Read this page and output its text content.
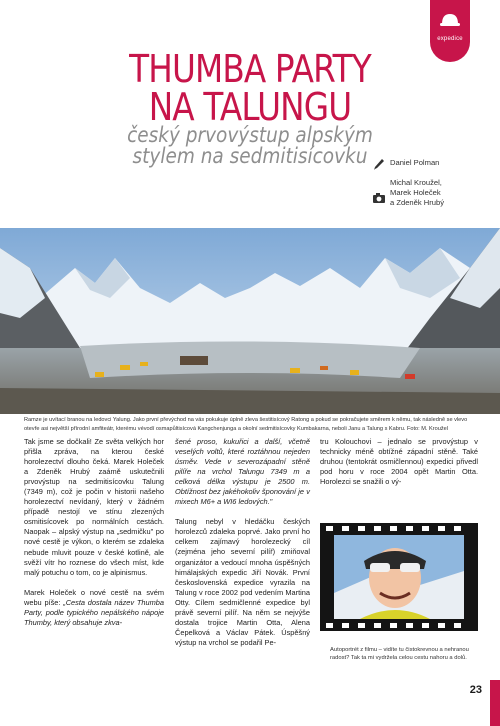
expedice
THUMBA PARTY
NA TALUNGU
český prvovýstup alpským
stylem na sedmitisícovku	Daniel Polman
Michal Kroužel,
Marek Holeček
a Zdeněk Hrubý

Ramze je uvítací branou na ledovci Yalung. Jako první převýchod na vás pokukuje úplně zleva šestitisícový Ratong a pokud se pokračujete směrem k němu, tak následně se vlevo otevře asi největší přírodní amfiteátr, kterému vévodí osmapůltisícová Kangchenjunga a okolní sedmitisícovky Kumbakarna, neboli Janu a Talung s Kabru. Foto: M. Kroužel

Tak jsme se dočkali! Ze světa velkých hor přišla zpráva, na kterou české horolezectví dlouho čeká. Marek Holeček a Zdeněk Hrubý zaámě uskutečnili prvovýstup na sedmitisícovku Talung (7349 m), což je počin v historii našeho horolezectví nevídaný, který v žádném případě nestojí ve stínu zlezených osmitisícovek po normálních cestách. Naopak – alpský výstup na „sedmičku" po nové cestě je výkon, o kterém se zdaleka nebude mluvit pouze v české kotlině, ale svěží vítr ho roznese do všech míst, kde malý potuchu o tom, co je alpinismus.

Marek Holeček o nové cestě na svém webu píše: „Cesta dostala název Thumba Party, podle typického nepálského nápoje Thumby, který obsahuje zkva-

šené proso, kukuřici a další, včetně veselých voltů, které roztáhnou nejeden úsměv. Vede v severozápadní stěně pilíře na vrchol Talungu 7349 m a celková délka výstupu je 2500 m. Obtížnost bez jakéhokoliv šponování je v mixech M6+ a WI6 ledových."

Talung nebyl v hledáčku českých horolezců zdaleka poprvé. Jako první ho celkem zajímavý horolezecký cíl (zejména jeho severní pilíř) zmiňoval organizátor a vedoucí mnoha úspěšných himálajských expedic Jiří Novák. První československá expedice vyrazila na Talung v roce 2002 pod vedením Martina Otty. Cílem sedmičlenné expedice byl právě severní pilíř. Na něm se nejvýše dostala trojice Martin Otta, Alena Čepelková a Václav Pátek. Úspěšný výstup na vrchol se podařil Pe-

tru Kolouchovi – jednalo se prvovýstup v technicky méně obtížné západní stěně. Také druhou (tentokrát osmičlennou) expedici přivedl pod horu v roce 2004 opět Martin Otta. Horolezci se snažili o vý-

Autoportrét z filmu – vidíte tu čistokrevnou a nehranou radost? Tak ta mi vydržela celou cestu nahoru a dolů.

23
